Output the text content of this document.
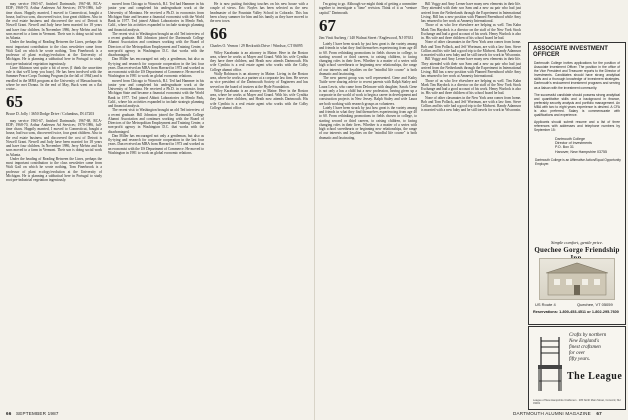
may service 1965-67, finished Dartmouth; 1967-68, RCA-EDP; 1968-70, Arthur Andersen Ad Services; 1970-1986, full-time chaos. Happily married, I moved to Connecticut, bought a house, had two sons, discovered twice, four great children. Also in the real estate business and discovered the cost of Detroit is Nowell Grant. Newell and Judy have been married for 18 years and have four children. In November 1986, Jerry Melvin and his sons moved to a farm in Vermont. Their son is doing social work in Atlanta.

Under the heading of Reading Between the Lines, perhaps the most important contribution to the class newsletter came from Walt Gail on which he wrote nothing. Tom Finerbrook is a professor of plant ecology/evolution at the University of Michigan. He is planning a sabbatical here in Portugal to study root pre-industrial vegetation ingeniously.

Lime Atkinson sent quite a bit of news (I think the unwritten rule is that we'll keep you busy). He has been involved with the Summer Peace Corps Training Program (in the fall of 1964) and is enrolled in the MBA program at the University of Massachusetts, where he met Donna. In the end of May, Buck went on a flat cruise...

65
Bruce D. Jolly / 3650 Dodge Drive / Columbus, IN 47203

may service 1965-67, finished Dartmouth; 1967-68, RCA-EDP; 1968-70, Arthur Andersen Ad Services; 1970-1986, full-time chaos. Happily married, I moved to Connecticut, bought a house, had two sons, discovered twice, four great children. Also in the real estate business and discovered the cost of Detroit is Nowell Grant. Newell and Judy have been married for 18 years and have four children. In November 1986, Jerry Melvin and his sons moved to a farm in Vermont. Their son is doing social work in Atlanta.

Under the heading of Reading Between the Lines, perhaps the most important contribution to the class newsletter came from Walt Gail on which he wrote nothing. Tom Finerbrook is a professor of plant ecology/evolution at the University of Michigan. He is planning a sabbatical here in Portugal to study root pre-industrial vegetation ingeniously.

moved from Chicago to Warwick, R.I. Ted had Hammer in his junior year and completed his undergraduate work at the University of Montana. He received a Ph.D. in economics from Michigan State and became a financial economist with the World Bank in 1977. Ted joined Abbott Laboratories in Menlo Park, Calif., where his activities expanded to include strategic planning and financial analysis.

The recent visit to Washington brought an old Ted interview of a recent graduate. Bill Johnston joined the Dartmouth College Alumni Association and continues working with the Board of Directors of the Metropolitan Employment and Training Center, a non-profit agency in Washington D.C. that works with the disadvantaged.

Dan Miller has encouraged not only a gentleman, but also as fly-tying and research for corporate cooperation in the last four years. Dan received an MBA from Harvard in 1973 and worked as an economist with the US Department of Commerce. He moved to Washington in 1981 to work on global economic relations.

moved from Chicago to Warwick, R.I. Ted had Hammer in his junior year and completed his undergraduate work at the University of Montana. He received a Ph.D. in economics from Michigan State and became a financial economist with the World Bank in 1977. Ted joined Abbott Laboratories in Menlo Park, Calif., where his activities expanded to include strategic planning and financial analysis.

The recent visit to Washington brought an old Ted interview of a recent graduate. Bill Johnston joined the Dartmouth College Alumni Association and continues working with the Board of Directors of the Metropolitan Employment and Training Center, a non-profit agency in Washington D.C. that works with the disadvantaged.

Dan Miller has encouraged not only a gentleman, but also as fly-tying and research for corporate cooperation in the last four years. Dan received an MBA from Harvard in 1973 and worked as an economist with the US Department of Commerce. He moved to Washington in 1981 to work on global economic relations.

He is now putting finishing touches on his new house with a couple of views. Eric Noyles has been selected as the new headmaster of the Fountain Valley School in Colorado. This has been a busy summer for him and his family as they have moved to the new town.

66
Charles O. Vernon / 29 Beckwith Drive / Windsor, CT 06095

Wiley Karabanin is an attorney in Maine. Here in the Boston area, where he works at Mayer and Grand. With his wife Cynthia they have three children, and Heath now attends Dartmouth. His wife Cynthia is a real estate agent who works with the Colby College alumni office.

Wally Robinson is an attorney in Maine. Living in the Boston area, where he works as a partner at a corporate law firm. He serves as vice president of the Dartmouth Society of Engineers and has served on the board of trustees at the Hyde Foundation.

Wiley Karabanin is an attorney in Maine. Here in the Boston area, where he works at Mayer and Grand. With his wife Cynthia they have three children, and Heath now attends Dartmouth. His wife Cynthia is a real estate agent who works with the Colby College alumni office.

66 SEPTEMBER 1987

I'm going to go. Although we might think of getting a committee together to investigate a "time" revision. Think of it as "venture capital." Dartmouth.

67
Jim Vinti Aurberg / 140 Walnut Street / Englewood, NJ 07631

Lately I have been struck by just how great is the variety among and friends in what they find themselves experiencing from age 40 to 60. From rethinking promotions in fields chosen in college, to starting second or third careers, to raising children, to facing changing roles in their lives. Whether is a matter of a series with high school sweethearts or beginning new relationships, the range of our interests and loyalties on the "mindful life course" is both dramatic and fascinating.

The new parent group was well represented. Gene and Kathy Tuttle were sharing advice to recent parents with Ralph Staley and Laura Lewis, who came from Delaware with daughter, Sarah. Gene is not only a has a child but a new profession, having given up a corporate in the world of work to begin a career in development and construction projects in New Jersey. Ralph Staley and wife Laura are both working with research groups as volunteers.

Lately I have been struck by just how great is the variety among and friends in what they find themselves experiencing from age 40 to 60. From rethinking promotions in fields chosen in college, to starting second or third careers, to raising children, to facing changing roles in their lives. Whether is a matter of a series with high school sweethearts or beginning new relationships, the range of our interests and loyalties on the "mindful life course" is both dramatic and fascinating.

Bill Voggy and Amy Lerner have many new elements in their life. They attended with their son Sam and a new au pair who had just arrived from the Netherlands through the Experiment in International Living. Bill has a new position with Planned Parenthood while Amy has returned to her work at Amnesty International.

Those of us who live elsewhere are helping as well. Tim Kahn Mark Tim Haydock is a director on the staff of the New York Stock Exchange and had a good account of his work. Henry Warlock is also in. His wife and three children of his school board he had.

None of other classmates in the New York area comes from home. Bob and Tom Pollack, and Jeff Wortman, are with a law firm. Steve Collins and his wife had a good trip to the Midwest. Randy Adamson is married with a new baby and he still travels for work in Wisconsin.

Bill Voggy and Amy Lerner have many new elements in their life. They attended with their son Sam and a new au pair who had just arrived from the Netherlands through the Experiment in International Living. Bill has a new position with Planned Parenthood while Amy has returned to her work at Amnesty International.

Those of us who live elsewhere are helping as well. Tim Kahn Mark Tim Haydock is a director on the staff of the New York Stock Exchange and had a good account of his work. Henry Warlock is also in. His wife and three children of his school board he had.

None of other classmates in the New York area comes from home. Bob and Tom Pollack, and Jeff Wortman, are with a law firm. Steve Collins and his wife had a good trip to the Midwest. Randy Adamson is married with a new baby and he still travels for work in Wisconsin.

DARTMOUTH ALUMNI MAGAZINE 67
ASSOCIATE INVESTMENT OFFICER
Dartmouth College invites applications for the position of Associate Investment Officer. The position in the office of the Vice President and Treasurer reports to the Director of Investments. Candidates should have strong analytical skills and a thorough knowledge of investment strategies. Dartmouth's endowment investment programs and serving as a liaison with the investment community.
The successful candidate should possess strong analytical and quantitative skills and a background in finance, preferably security analysis and portfolio management. An MBA with two to eight years experience is desired. A CFA is also preferred. Salary is commensurate with qualifications and experience.
Applicants should submit resume and a list of three references with addresses and telephone numbers by September 15:
Dartmouth College
Director of Investments
P.O. Box 31
Hanover, New Hampshire 03755
Dartmouth College is an Affirmative Action/Equal Opportunity Employer.
Simple comfort, gentle price.
Quechee Gorge Friendship
US Route 4	Quechee, VT 05059
Reservations: 1-800-453-4511 or 1-802-295-7600
Crafts by northern
New England's
finest craftsmen
for over
fifty years.
The League
League of New Hampshire Craftsmen · 205 North Main Street, Concord, NH 03301
